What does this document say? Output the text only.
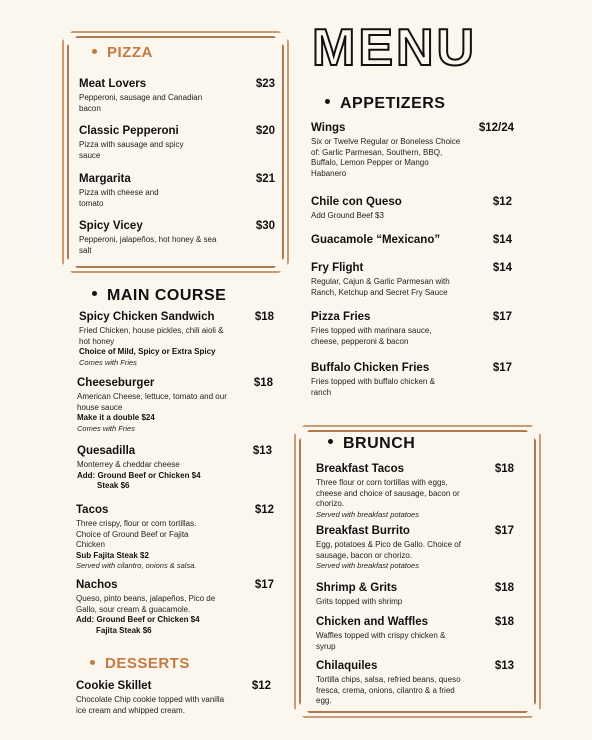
MENU
PIZZA
Meat Lovers	$23
Pepperoni, sausage and Canadian bacon
Classic Pepperoni	$20
Pizza with sausage and spicy sauce
Margarita	$21
Pizza with cheese and tomato
Spicy Vicey	$30
Pepperoni, jalapeños, hot honey & sea salt
MAIN COURSE
Spicy Chicken Sandwich	$18
Fried Chicken, house pickles, chili aioli & hot honey
Choice of Mild, Spicy or Extra Spicy
Comes with Fries
Cheeseburger	$18
American Cheese, lettuce, tomato and our house sauce
Make it a double $24
Comes with Fries
Quesadilla	$13
Monterrey & cheddar cheese
Add: Ground Beef or Chicken $4
Steak $6
Tacos	$12
Three crispy, flour or corn tortillas. Choice of Ground Beef or Fajita Chicken
Sub Fajita Steak $2
Served with cilantro, onions & salsa.
Nachos	$17
Queso, pinto beans, jalapeños, Pico de Gallo, sour cream & guacamole.
Add: Ground Beef or Chicken $4
Fajita Steak $6
DESSERTS
Cookie Skillet	$12
Chocolate Chip cookie topped with vanilla ice cream and whipped cream.
APPETIZERS
Wings	$12/24
Six or Twelve Regular or Boneless Choice of: Garlic Parmesan, Southern, BBQ, Buffalo, Lemon Pepper or Mango Habanero
Chile con Queso	$12
Add Ground Beef $3
Guacamole “Mexicano”	$14
Fry Flight	$14
Regular, Cajun & Garlic Parmesan with Ranch, Ketchup and Secret Fry Sauce
Pizza Fries	$17
Fries topped with marinara sauce, cheese, pepperoni & bacon
Buffalo Chicken Fries	$17
Fries topped with buffalo chicken & ranch
BRUNCH
Breakfast Tacos	$18
Three flour or corn tortillas with eggs, cheese and choice of sausage, bacon or chorizo.
Served with breakfast potatoes
Breakfast Burrito	$17
Egg, potatoes & Pico de Gallo. Choice of sausage, bacon or chorizo.
Served with breakfast potatoes
Shrimp & Grits	$18
Grits topped with shrimp
Chicken and Waffles	$18
Waffles topped with crispy chicken & syrup
Chilaquiles	$13
Tortilla chips, salsa, refried beans, queso fresca, crema, onions, cilantro & a fried egg.
